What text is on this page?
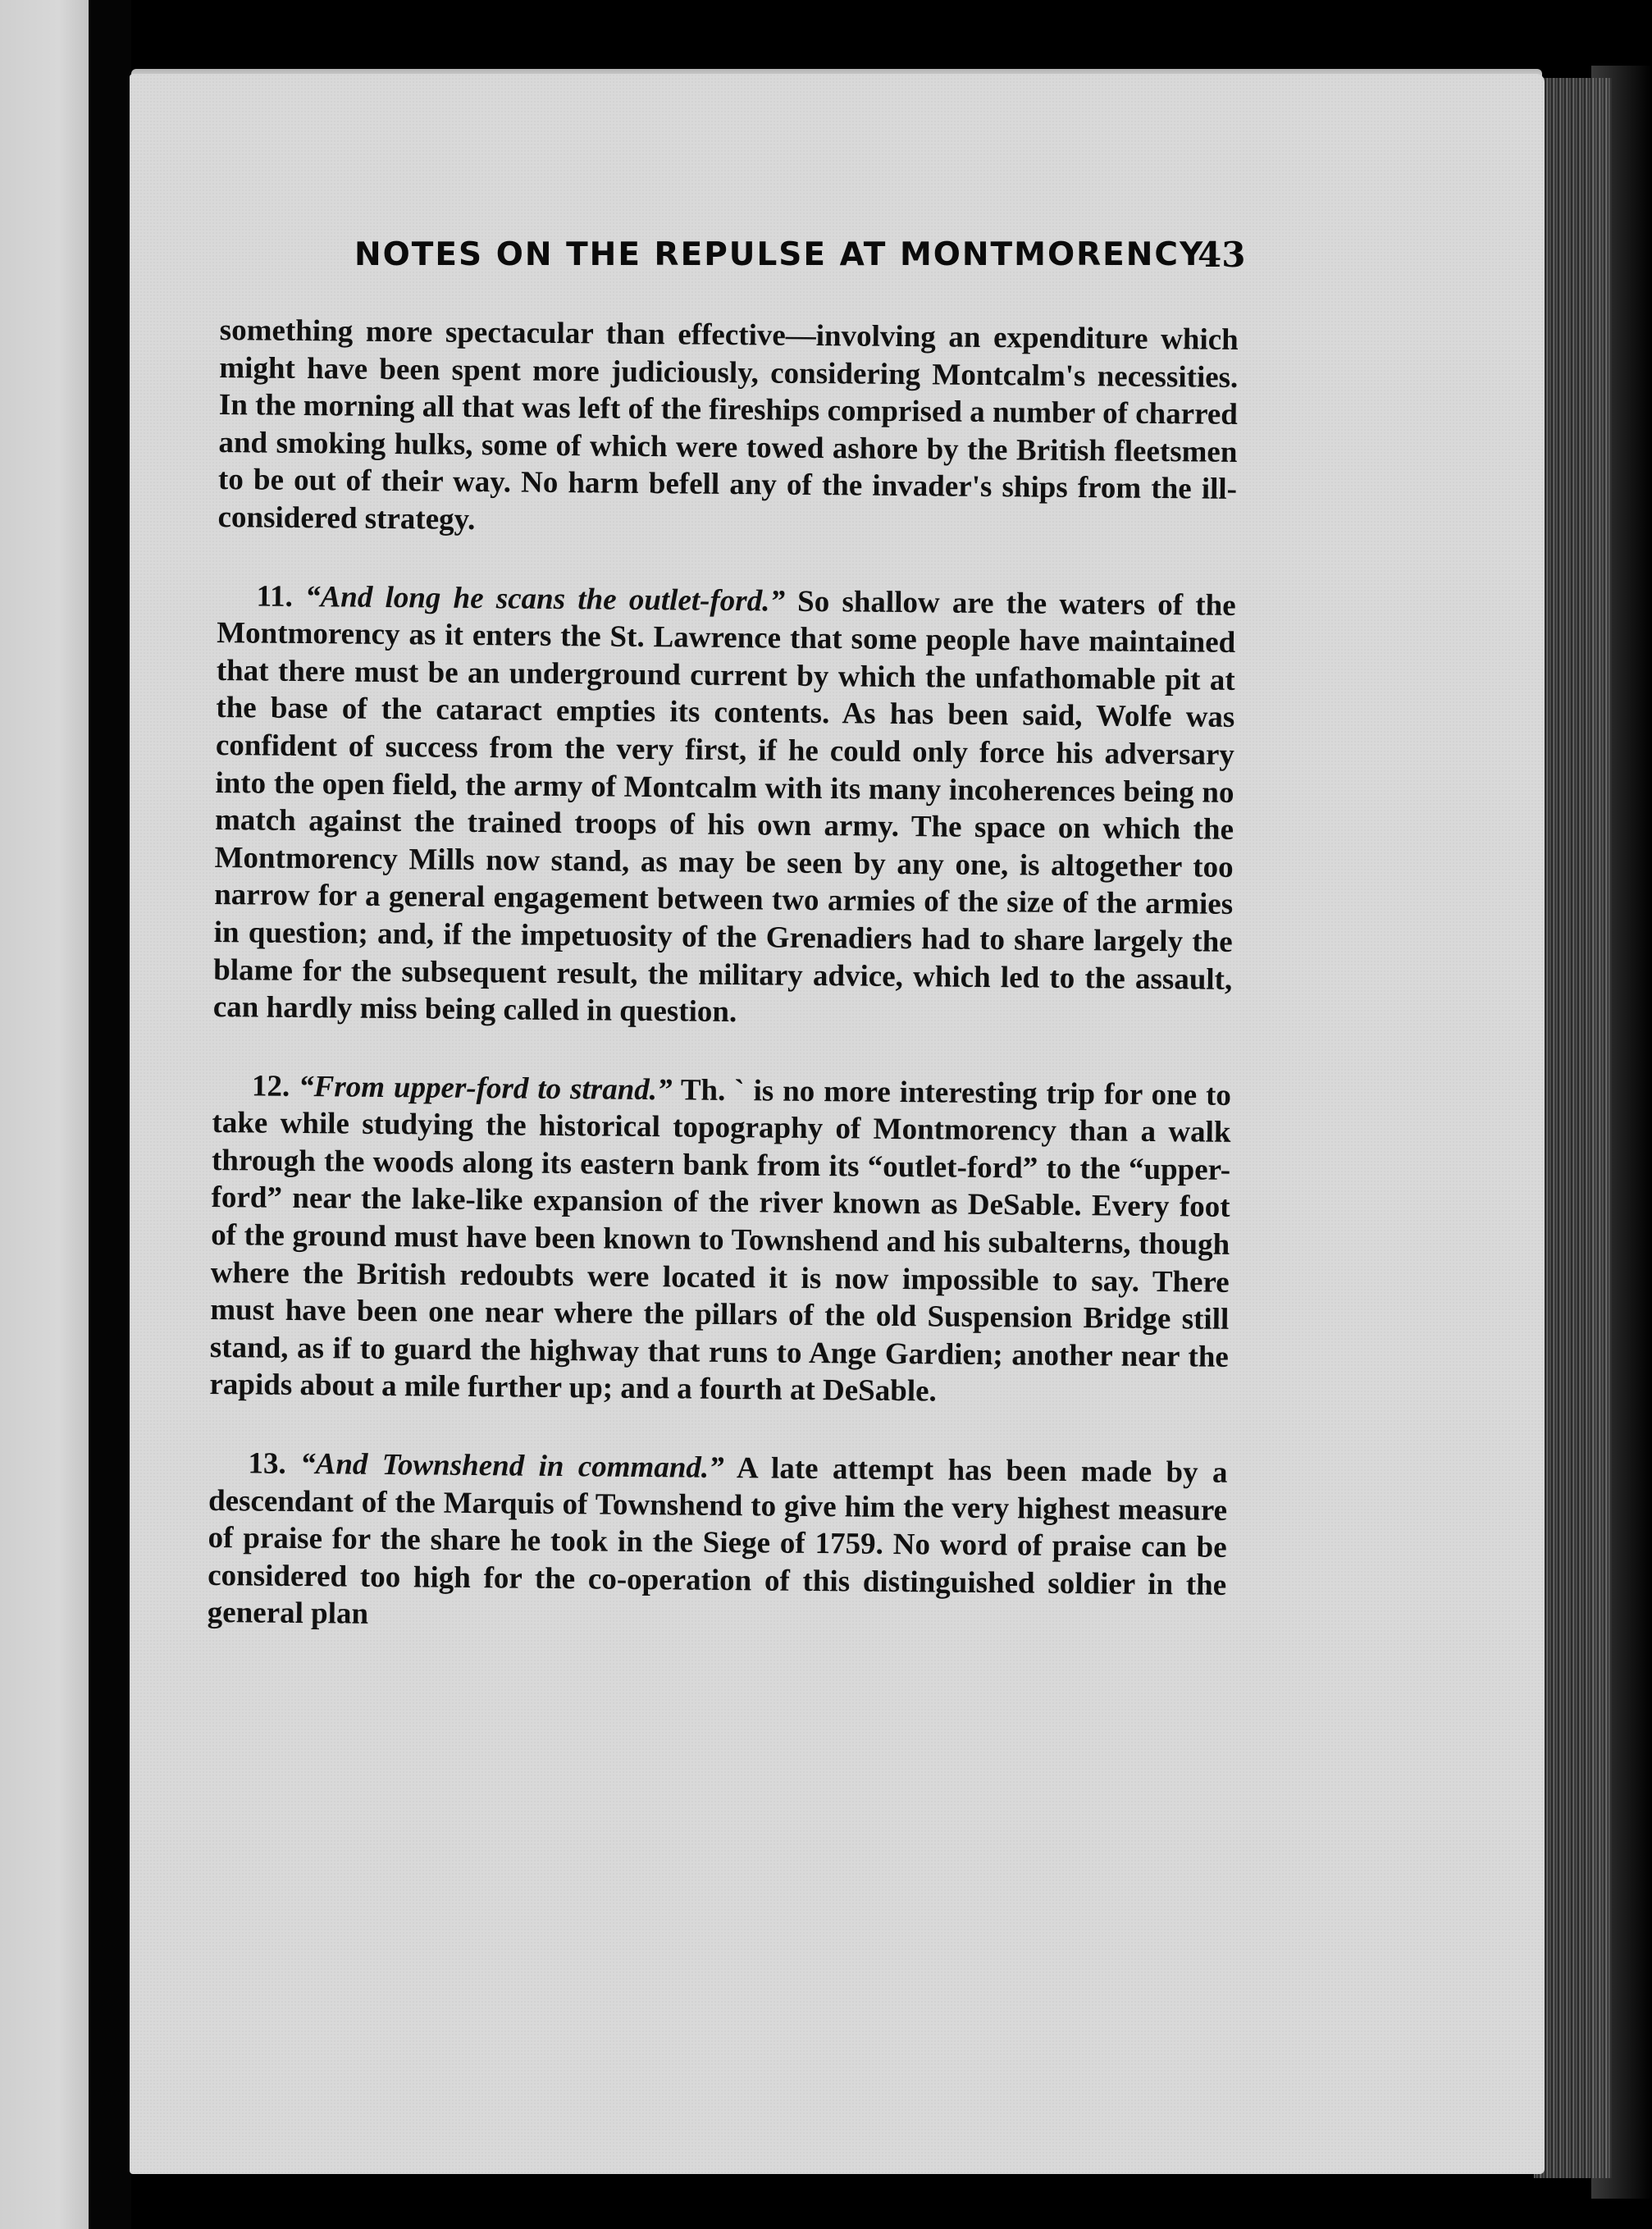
NOTES ON THE REPULSE AT MONTMORENCY
43

something more spectacular than effective—involving an expenditure which might have been spent more judiciously, considering Montcalm's necessities. In the morning all that was left of the fireships comprised a number of charred and smoking hulks, some of which were towed ashore by the British fleetsmen to be out of their way. No harm befell any of the invader's ships from the ill-considered strategy.

11. “And long he scans the outlet-ford.” So shallow are the waters of the Montmorency as it enters the St. Lawrence that some people have maintained that there must be an underground current by which the unfathomable pit at the base of the cataract empties its contents. As has been said, Wolfe was confident of success from the very first, if he could only force his adversary into the open field, the army of Montcalm with its many incoherences being no match against the trained troops of his own army. The space on which the Montmorency Mills now stand, as may be seen by any one, is altogether too narrow for a general engagement between two armies of the size of the armies in question; and, if the impetuosity of the Grenadiers had to share largely the blame for the subsequent result, the military advice, which led to the assault, can hardly miss being called in question.

12. “From upper-ford to strand.” Th. ` is no more interesting trip for one to take while studying the historical topography of Montmorency than a walk through the woods along its eastern bank from its “outlet-ford” to the “upper-ford” near the lake-like expansion of the river known as DeSable. Every foot of the ground must have been known to Townshend and his subalterns, though where the British redoubts were located it is now impossible to say. There must have been one near where the pillars of the old Suspension Bridge still stand, as if to guard the highway that runs to Ange Gardien; another near the rapids about a mile further up; and a fourth at DeSable.

13. “And Townshend in command.” A late attempt has been made by a descendant of the Marquis of Townshend to give him the very highest measure of praise for the share he took in the Siege of 1759. No word of praise can be considered too high for the co-operation of this distinguished soldier in the general plan
